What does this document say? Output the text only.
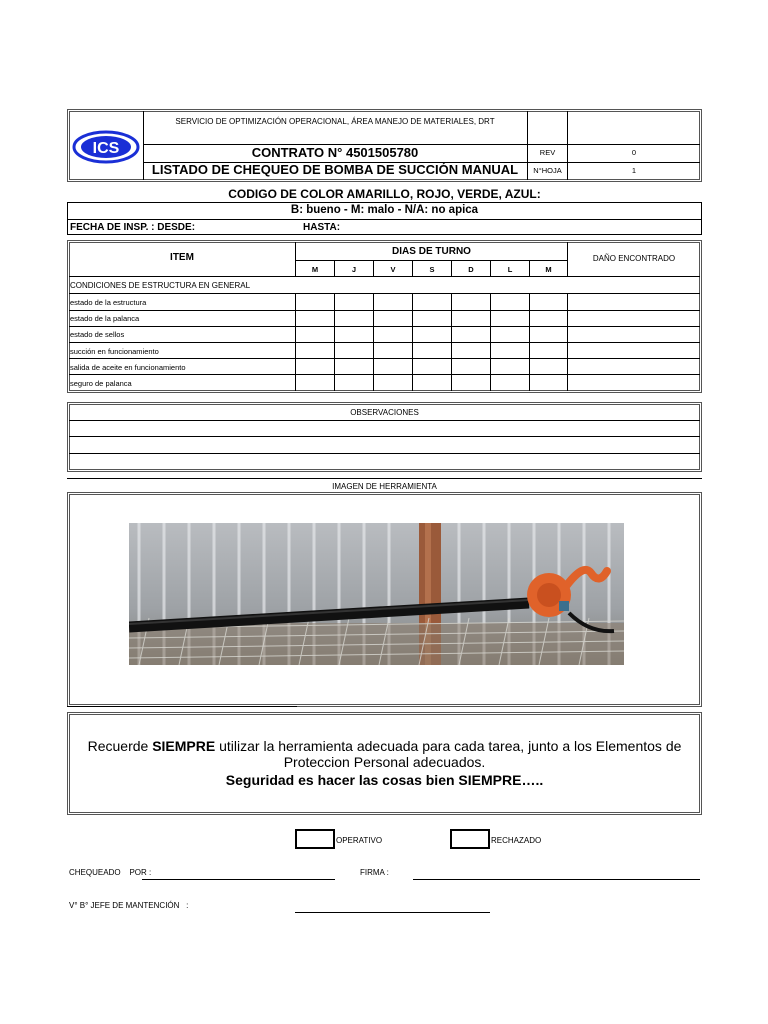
ICS
SERVICIO DE OPTIMIZACIÓN OPERACIONAL, ÁREA MANEJO DE MATERIALES, DRT
CONTRATO N° 4501505780
LISTADO DE CHEQUEO DE BOMBA DE SUCCIÓN MANUAL
REV	0
N°HOJA	1
CODIGO DE COLOR AMARILLO, ROJO, VERDE, AZUL:
B: bueno - M: malo - N/A: no apica
FECHA DE INSP. : DESDE:	HASTA:
ITEM
DIAS DE TURNO
DAÑO ENCONTRADO
M	J	V	S	D	L	M
CONDICIONES DE ESTRUCTURA EN GENERAL
estado de la estructura
estado de la palanca
estado de sellos
succión en funcionamiento
salida de aceite en funcionamiento
seguro de palanca
OBSERVACIONES
IMAGEN DE HERRAMIENTA
Recuerde SIEMPRE utilizar la herramienta adecuada para cada tarea, junto a los Elementos de
Proteccion Personal adecuados.
Seguridad es hacer las cosas bien SIEMPRE…..
OPERATIVO	RECHAZADO
CHEQUEADO    POR :	FIRMA :
V° B° JEFE DE MANTENCIÓN   :
